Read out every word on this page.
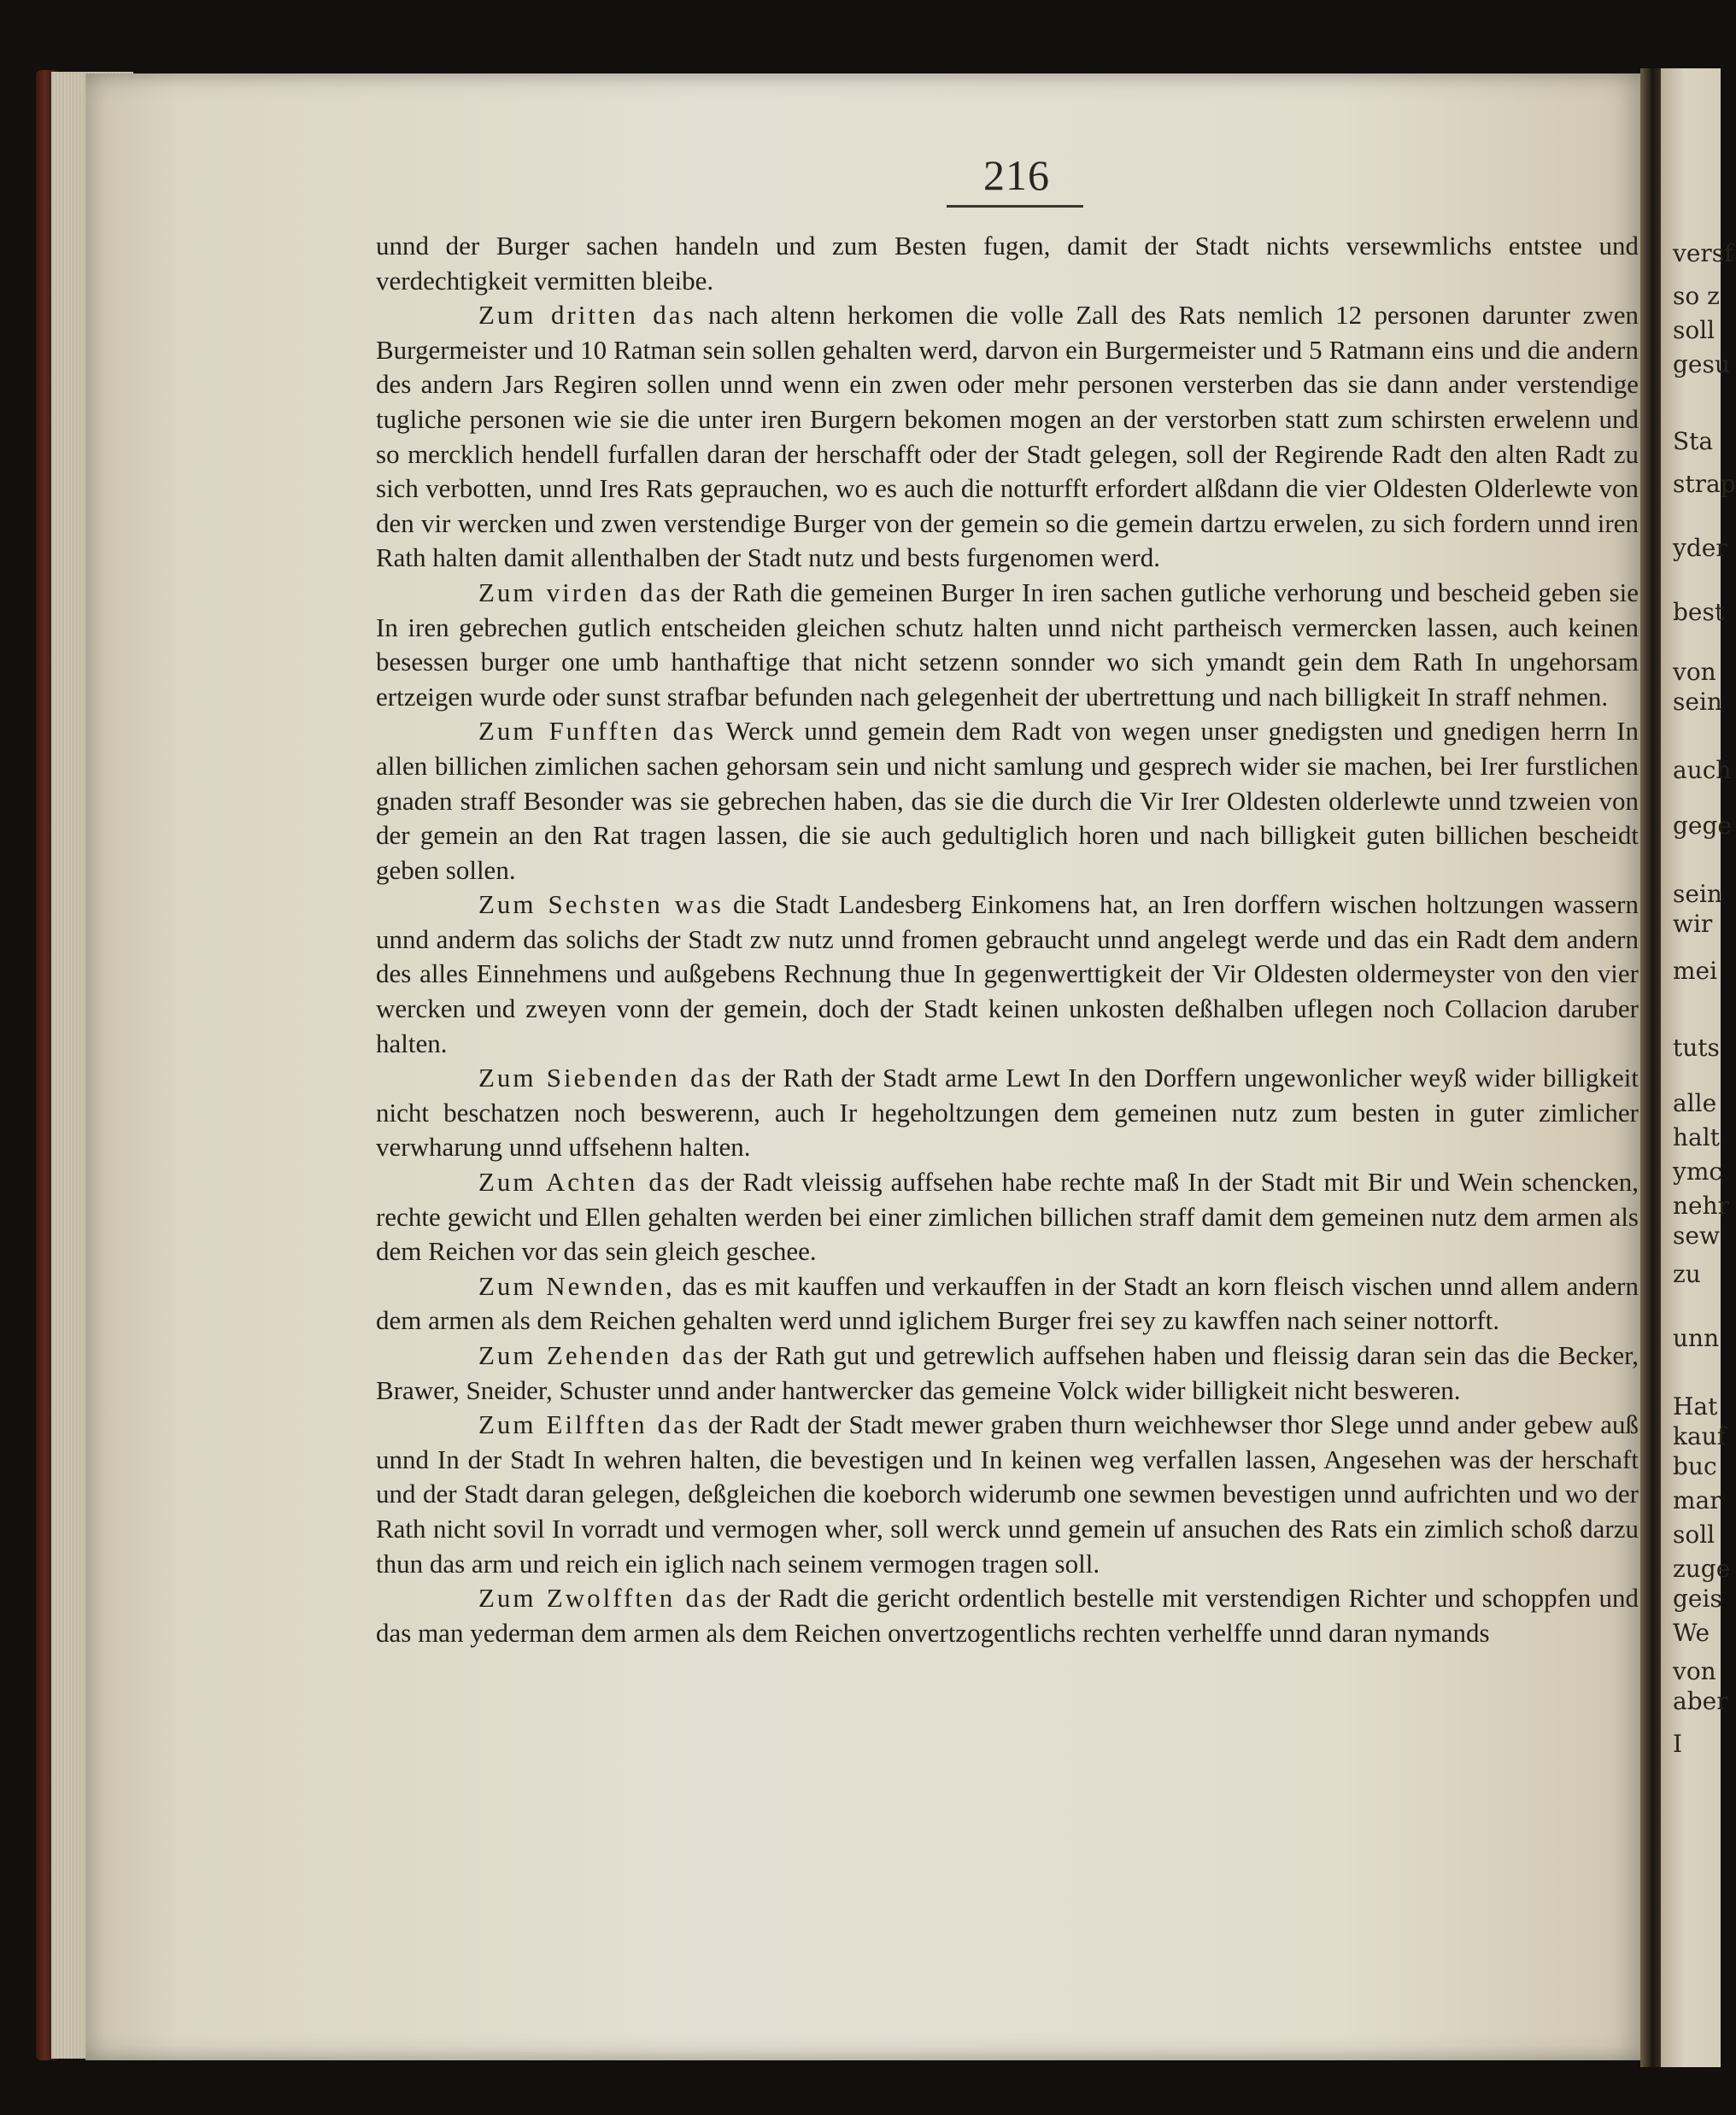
216

unnd der Burger sachen handeln und zum Besten fugen, damit der Stadt nichts versewmlichs entstee und verdechtigkeit vermitten bleibe.

Zum dritten das nach altenn herkomen die volle Zall des Rats nemlich 12 personen darunter zwen Burgermeister und 10 Ratman sein sollen gehalten werd, darvon ein Burgermeister und 5 Ratmann eins und die andern des andern Jars Regiren sollen unnd wenn ein zwen oder mehr personen versterben das sie dann ander verstendige tugliche personen wie sie die unter iren Burgern bekomen mogen an der verstorben statt zum schirsten erwelenn und so mercklich hendell furfallen daran der herschafft oder der Stadt gelegen, soll der Regirende Radt den alten Radt zu sich verbotten, unnd Ires Rats geprauchen, wo es auch die notturfft erfordert alßdann die vier Oldesten Olderlewte von den vir wercken und zwen verstendige Burger von der gemein so die gemein dartzu erwelen, zu sich fordern unnd iren Rath halten damit allenthalben der Stadt nutz und bests furgenomen werd.

Zum virden das der Rath die gemeinen Burger In iren sachen gutliche verhorung und bescheid geben sie In iren gebrechen gutlich entscheiden gleichen schutz halten unnd nicht partheisch vermercken lassen, auch keinen besessen burger one umb hanthaftige that nicht setzenn sonnder wo sich ymandt gein dem Rath In ungehorsam ertzeigen wurde oder sunst strafbar befunden nach gelegenheit der ubertrettung und nach billigkeit In straff nehmen.

Zum Funfften das Werck unnd gemein dem Radt von wegen unser gnedigsten und gnedigen herrn In allen billichen zimlichen sachen gehorsam sein und nicht samlung und gesprech wider sie machen, bei Irer furstlichen gnaden straff Besonder was sie gebrechen haben, das sie die durch die Vir Irer Oldesten olderlewte unnd tzweien von der gemein an den Rat tragen lassen, die sie auch gedultiglich horen und nach billigkeit guten billichen bescheidt geben sollen.

Zum Sechsten was die Stadt Landesberg Einkomens hat, an Iren dorffern wischen holtzungen wassern unnd anderm das solichs der Stadt zw nutz unnd fromen gebraucht unnd angelegt werde und das ein Radt dem andern des alles Einnehmens und außgebens Rechnung thue In gegenwerttigkeit der Vir Oldesten oldermeyster von den vier wercken und zweyen vonn der gemein, doch der Stadt keinen unkosten deßhalben uflegen noch Collacion daruber halten.

Zum Siebenden das der Rath der Stadt arme Lewt In den Dorffern ungewonlicher weyß wider billigkeit nicht beschatzen noch beswerenn, auch Ir hegeholtzungen dem gemeinen nutz zum besten in guter zimlicher verwharung unnd uffsehenn halten.

Zum Achten das der Radt vleissig auffsehen habe rechte maß In der Stadt mit Bir und Wein schencken, rechte gewicht und Ellen gehalten werden bei einer zimlichen billichen straff damit dem gemeinen nutz dem armen als dem Reichen vor das sein gleich geschee.

Zum Newnden, das es mit kauffen und verkauffen in der Stadt an korn fleisch vischen unnd allem andern dem armen als dem Reichen gehalten werd unnd iglichem Burger frei sey zu kawffen nach seiner nottorft.

Zum Zehenden das der Rath gut und getrewlich auffsehen haben und fleissig daran sein das die Becker, Brawer, Sneider, Schuster unnd ander hantwercker das gemeine Volck wider billigkeit nicht besweren.

Zum Eilfften das der Radt der Stadt mewer graben thurn weichhewser thor Slege unnd ander gebew auß unnd In der Stadt In wehren halten, die bevestigen und In keinen weg verfallen lassen, Angesehen was der herschaft und der Stadt daran gelegen, deßgleichen die koeborch widerumb one sewmen bevestigen unnd aufrichten und wo der Rath nicht sovil In vorradt und vermogen wher, soll werck unnd gemein uf ansuchen des Rats ein zimlich schoß darzu thun das arm und reich ein iglich nach seinem vermogen tragen soll.

Zum Zwolfften das der Radt die gericht ordentlich bestelle mit verstendigen Richter und schoppfen und das man yederman dem armen als dem Reichen onvertzogentlichs rechten verhelffe unnd daran nymands

versf
so z
soll
gesu
Sta
strap
yder
best
von
sein
auch
gege
sein
wir
mei
tuts
alle
halt
ymc
nehr
sew
zu
unn
Hat
kauf
buc
mar
soll
zuge
geis
We
von
aber
I
